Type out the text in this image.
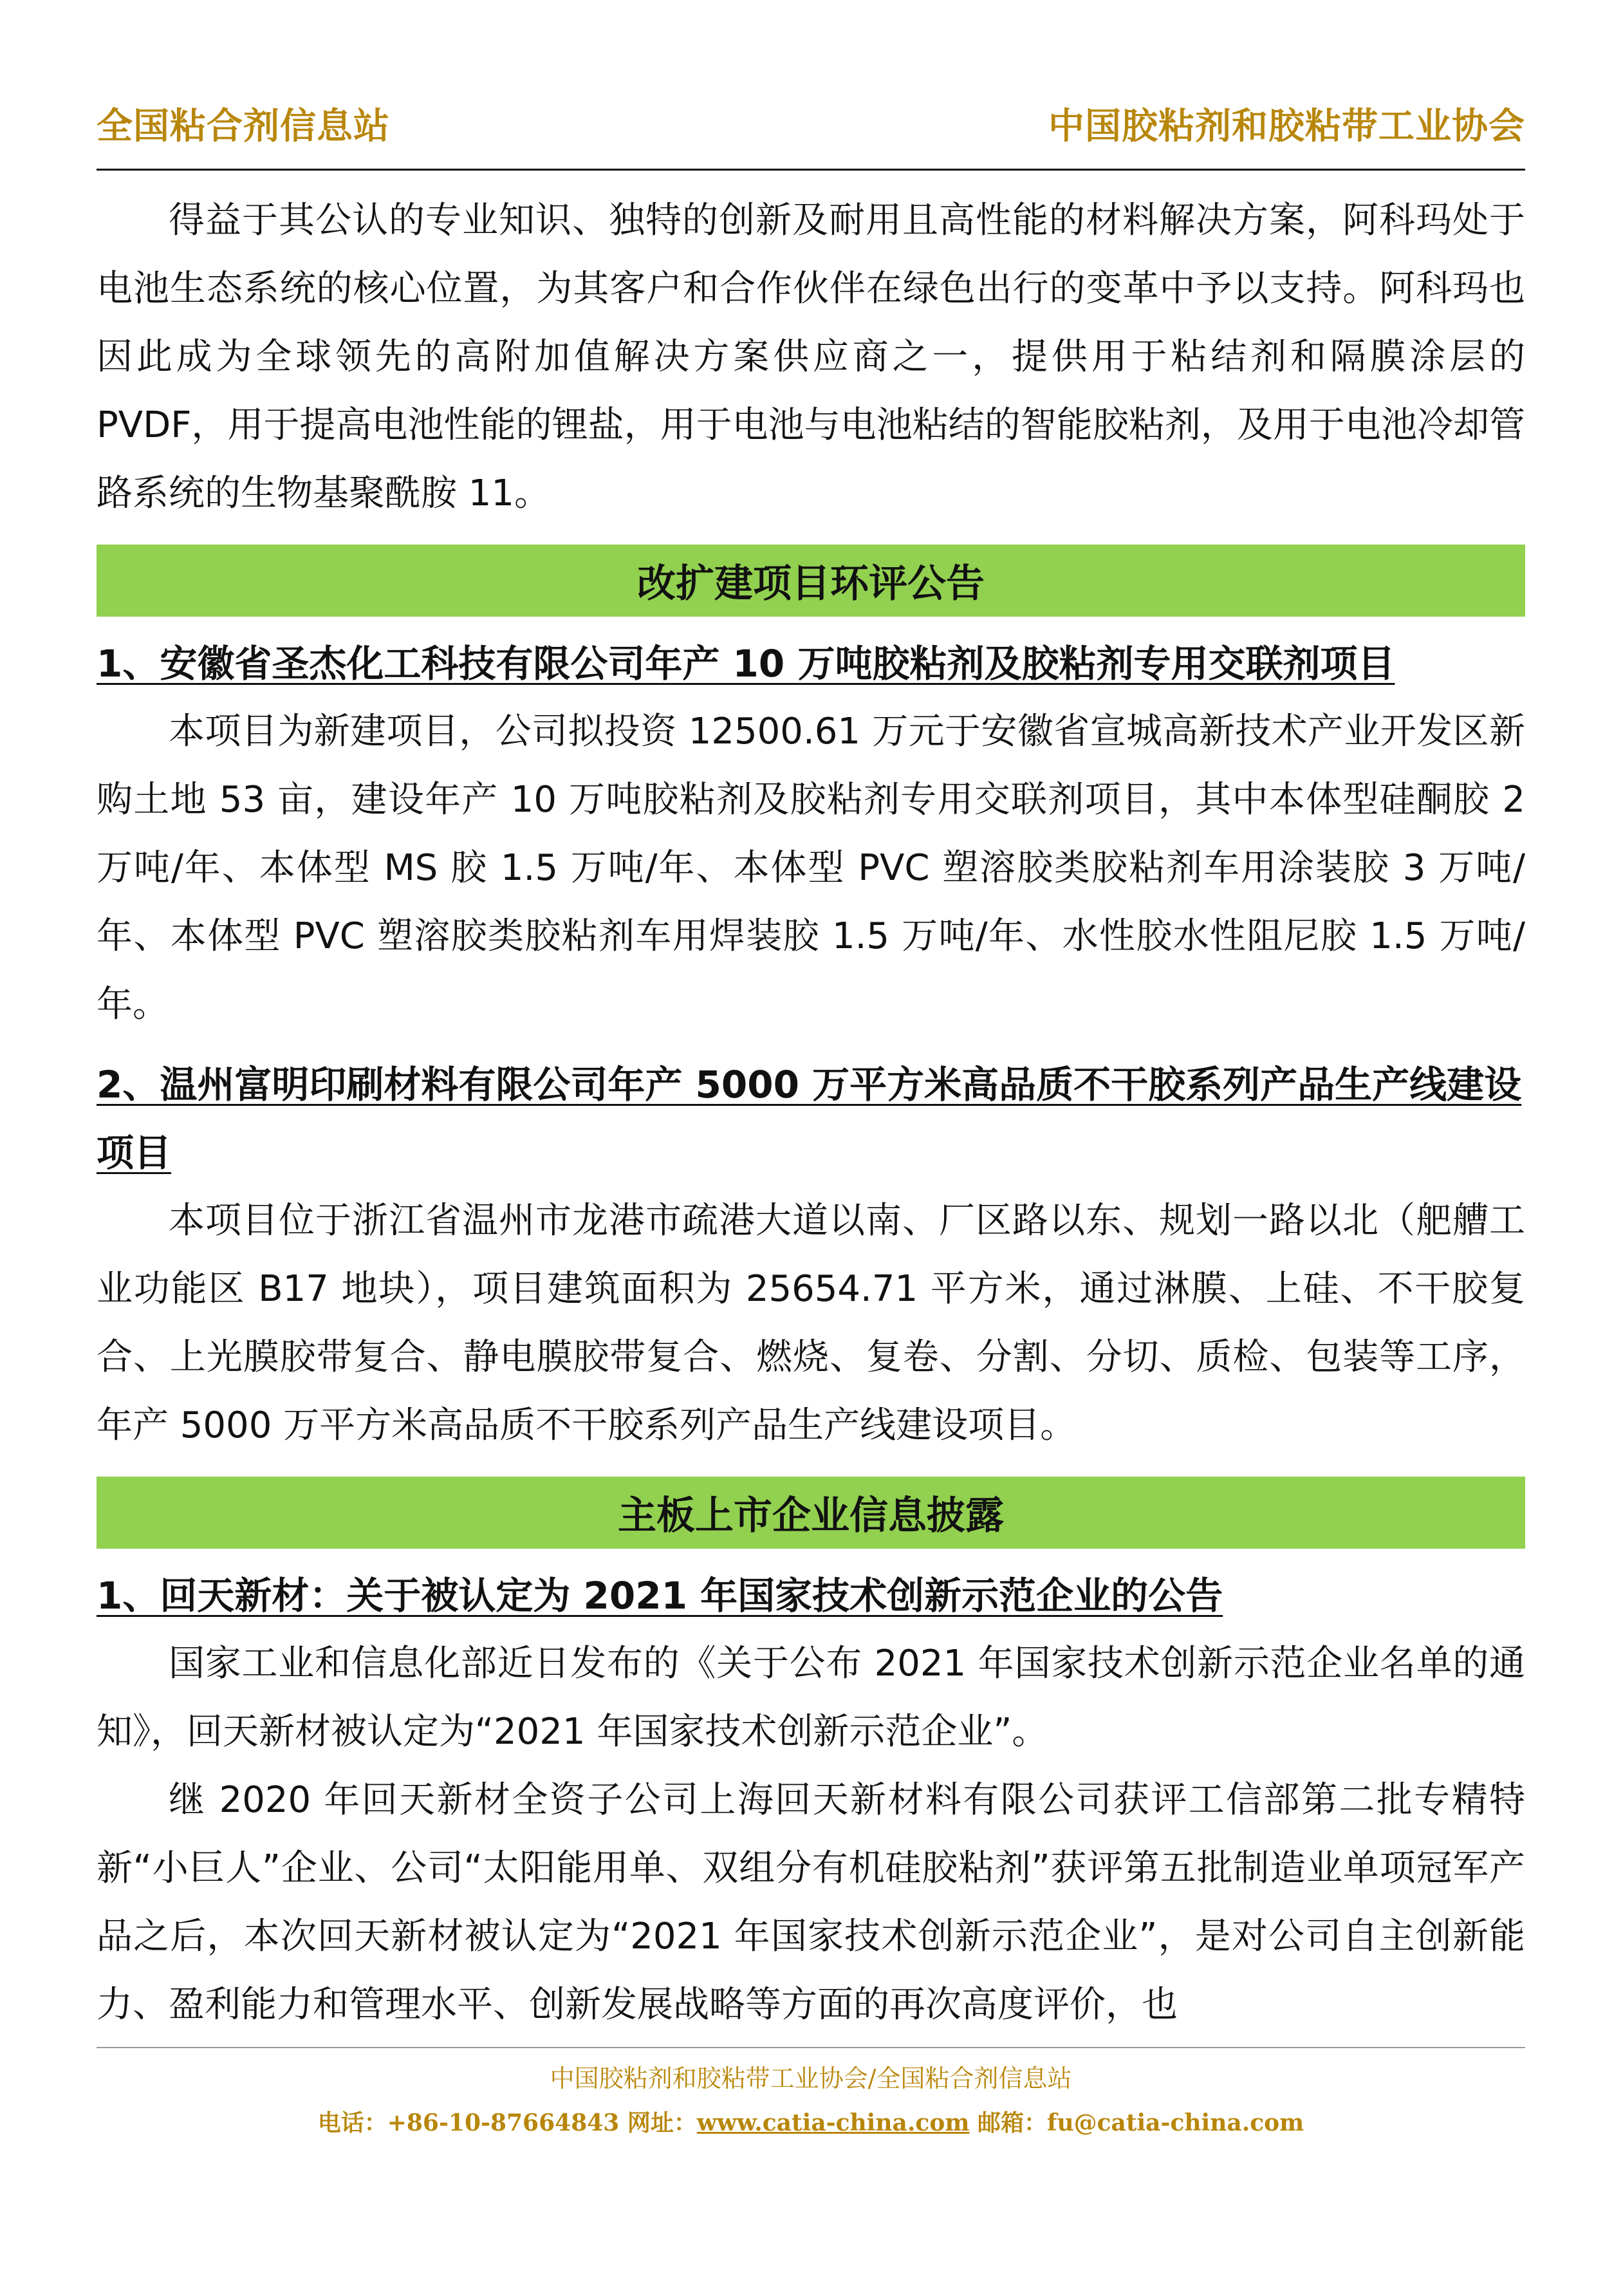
全国粘合剂信息站	中国胶粘剂和胶粘带工业协会

得益于其公认的专业知识、独特的创新及耐用且高性能的材料解决方案，阿科玛处于电池生态系统的核心位置，为其客户和合作伙伴在绿色出行的变革中予以支持。阿科玛也因此成为全球领先的高附加值解决方案供应商之一，提供用于粘结剂和隔膜涂层的 PVDF，用于提高电池性能的锂盐，用于电池与电池粘结的智能胶粘剂，及用于电池冷却管路系统的生物基聚酰胺 11。

改扩建项目环评公告

1、安徽省圣杰化工科技有限公司年产 10 万吨胶粘剂及胶粘剂专用交联剂项目

本项目为新建项目，公司拟投资 12500.61 万元于安徽省宣城高新技术产业开发区新购土地 53 亩，建设年产 10 万吨胶粘剂及胶粘剂专用交联剂项目，其中本体型硅酮胶 2 万吨/年、本体型 MS 胶 1.5 万吨/年、本体型 PVC 塑溶胶类胶粘剂车用涂装胶 3 万吨/年、本体型 PVC 塑溶胶类胶粘剂车用焊装胶 1.5 万吨/年、水性胶水性阻尼胶 1.5 万吨/年。

2、温州富明印刷材料有限公司年产 5000 万平方米高品质不干胶系列产品生产线建设项目

本项目位于浙江省温州市龙港市疏港大道以南、厂区路以东、规划一路以北（舥艚工业功能区 B17 地块），项目建筑面积为 25654.71 平方米，通过淋膜、上硅、不干胶复合、上光膜胶带复合、静电膜胶带复合、燃烧、复卷、分割、分切、质检、包装等工序，年产 5000 万平方米高品质不干胶系列产品生产线建设项目。

主板上市企业信息披露

1、回天新材：关于被认定为 2021 年国家技术创新示范企业的公告

国家工业和信息化部近日发布的《关于公布 2021 年国家技术创新示范企业名单的通知》，回天新材被认定为“2021 年国家技术创新示范企业”。

继 2020 年回天新材全资子公司上海回天新材料有限公司获评工信部第二批专精特新“小巨人”企业、公司“太阳能用单、双组分有机硅胶粘剂”获评第五批制造业单项冠军产品之后，本次回天新材被认定为“2021 年国家技术创新示范企业”，是对公司自主创新能力、盈利能力和管理水平、创新发展战略等方面的再次高度评价，也

中国胶粘剂和胶粘带工业协会/全国粘合剂信息站
电话：+86-10-87664843 网址：www.catia-china.com 邮箱：fu@catia-china.com
